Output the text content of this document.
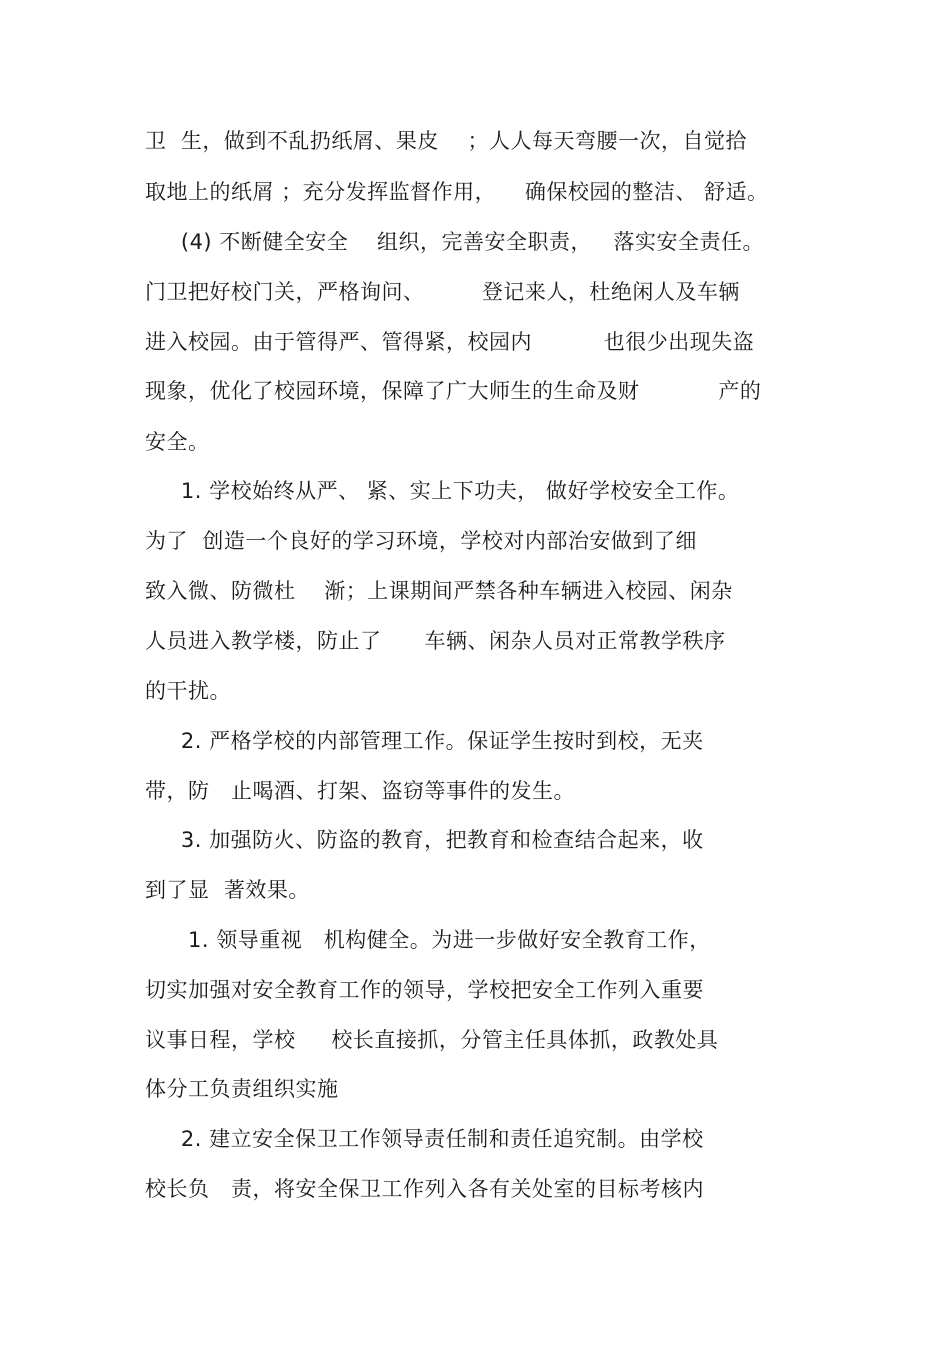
卫  生，做到不乱扔纸屑、果皮    ；人人每天弯腰一次，自觉拾
取地上的纸屑 ；充分发挥监督作用，    确保校园的整洁、 舒适。
(4) 不断健全安全    组织，完善安全职责，   落实安全责任。
门卫把好校门关，严格询问、        登记来人，杜绝闲人及车辆
进入校园。由于管得严、管得紧，校园内          也很少出现失盗
现象，优化了校园环境，保障了广大师生的生命及财           产的
安全。
1. 学校始终从严、 紧、实上下功夫， 做好学校安全工作。
为了  创造一个良好的学习环境，学校对内部治安做到了细
致入微、防微杜    渐；上课期间严禁各种车辆进入校园、闲杂
人员进入教学楼，防止了      车辆、闲杂人员对正常教学秩序
的干扰。
2. 严格学校的内部管理工作。保证学生按时到校，无夹
带，防   止喝酒、打架、盗窃等事件的发生。
3. 加强防火、防盗的教育，把教育和检查结合起来，收
到了显  著效果。
1. 领导重视   机构健全。为进一步做好安全教育工作，
切实加强对安全教育工作的领导，学校把安全工作列入重要
议事日程，学校     校长直接抓，分管主任具体抓，政教处具
体分工负责组织实施
2. 建立安全保卫工作领导责任制和责任追究制。由学校
校长负   责，将安全保卫工作列入各有关处室的目标考核内
